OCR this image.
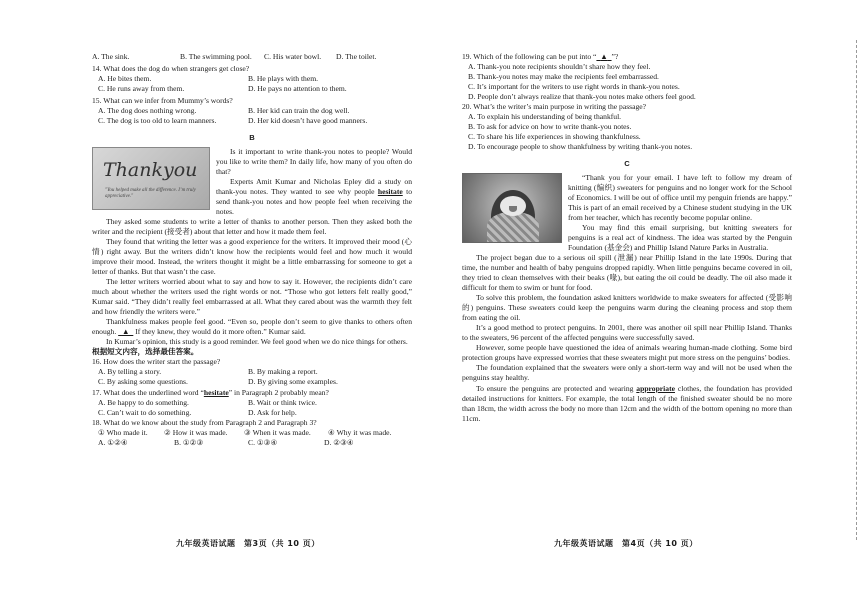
A. The sink.	B. The swimming pool.	C. His water bowl.	D. The toilet.
14. What does the dog do when strangers get close?
A. He bites them.	B. He plays with them.
C. He runs away from them.	D. He pays no attention to them.
15. What can we infer from Mummy’s words?
A. The dog does nothing wrong.	B. Her kid can train the dog well.
C. The dog is too old to learn manners.	D. Her kid doesn’t have good manners.
B
Thankyou
"You helped make all the difference. I’m truly appreciative."

Is it important to write thank-you notes to people? Would you like to write them? In daily life, how many of you often do that?

Experts Amit Kumar and Nicholas Epley did a study on thank-you notes. They wanted to see why people hesitate to send thank-you notes and how people feel when receiving the notes.

They asked some students to write a letter of thanks to another person. Then they asked both the writer and the recipient (接受者) about that letter and how it made them feel.

They found that writing the letter was a good experience for the writers. It improved their mood (心情) right away. But the writers didn’t know how the recipients would feel and how much it would improve their mood. Instead, the writers thought it might be a little embarrassing for someone to get a letter of thanks. But that wasn’t the case.

The letter writers worried about what to say and how to say it. However, the recipients didn’t care much about whether the writers used the right words or not. “Those who got letters felt really good,” Kumar said. “They didn’t really feel embarrassed at all. What they cared about was the warmth they felt and how friendly the writers were.”

Thankfulness makes people feel good. “Even so, people don’t seem to give thanks to others often enough. ▲ If they knew, they would do it more often.” Kumar said.

In Kumar’s opinion, this study is a good reminder. We feel good when we do nice things for others.

根据短文内容，选择最佳答案。
16. How does the writer start the passage?
A. By telling a story.	B. By making a report.
C. By asking some questions.	D. By giving some examples.
17. What does the underlined word “hesitate” in Paragraph 2 probably mean?
A. Be happy to do something.	B. Wait or think twice.
C. Can’t wait to do something.	D. Ask for help.
18. What do we know about the study from Paragraph 2 and Paragraph 3?
① Who made it.	② How it was made.	③ When it was made.	④ Why it was made.
A. ①②④	B. ①②③	C. ①③④	D. ②③④
九年级英语试题　第3页（共 10 页）
19. Which of the following can be put into “ ▲ ”?
A. Thank-you note recipients shouldn’t share how they feel.
B. Thank-you notes may make the recipients feel embarrassed.
C. It’s important for the writers to use right words in thank-you notes.
D. People don’t always realize that thank-you notes make others feel good.
20. What’s the writer’s main purpose in writing the passage?
A. To explain his understanding of being thankful.
B. To ask for advice on how to write thank-you notes.
C. To share his life experiences in showing thankfulness.
D. To encourage people to show thankfulness by writing thank-you notes.
C

“Thank you for your email. I have left to follow my dream of knitting (编织) sweaters for penguins and no longer work for the School of Economics. I will be out of office until my penguin friends are happy.” This is part of an email received by a Chinese student studying in the UK from her teacher, which has recently become popular online.

You may find this email surprising, but knitting sweaters for penguins is a real act of kindness. The idea was started by the Penguin Foundation (基金会) and Phillip Island Nature Parks in Australia.

The project began due to a serious oil spill (泄漏) near Phillip Island in the late 1990s. During that time, the number and health of baby penguins dropped rapidly. When little penguins became covered in oil, they tried to clean themselves with their beaks (喙), but eating the oil could be deadly. The oil also made it difficult for them to swim or hunt for food.

To solve this problem, the foundation asked knitters worldwide to make sweaters for affected (受影响的) penguins. These sweaters could keep the penguins warm during the cleaning process and stop them from eating the oil.

It’s a good method to protect penguins. In 2001, there was another oil spill near Phillip Island. Thanks to the sweaters, 96 percent of the affected penguins were successfully saved.

However, some people have questioned the idea of animals wearing human-made clothing. Some bird protection groups have expressed worries that these sweaters might put more stress on the penguins’ bodies.

The foundation explained that the sweaters were only a short-term way and will not be used when the penguins stay healthy.

To ensure the penguins are protected and wearing appropriate clothes, the foundation has provided detailed instructions for knitters. For example, the total length of the finished sweater should be no more than 18cm, the width across the body no more than 12cm and the width of the bottom opening no more than 11cm.

九年级英语试题　第4页（共 10 页）
